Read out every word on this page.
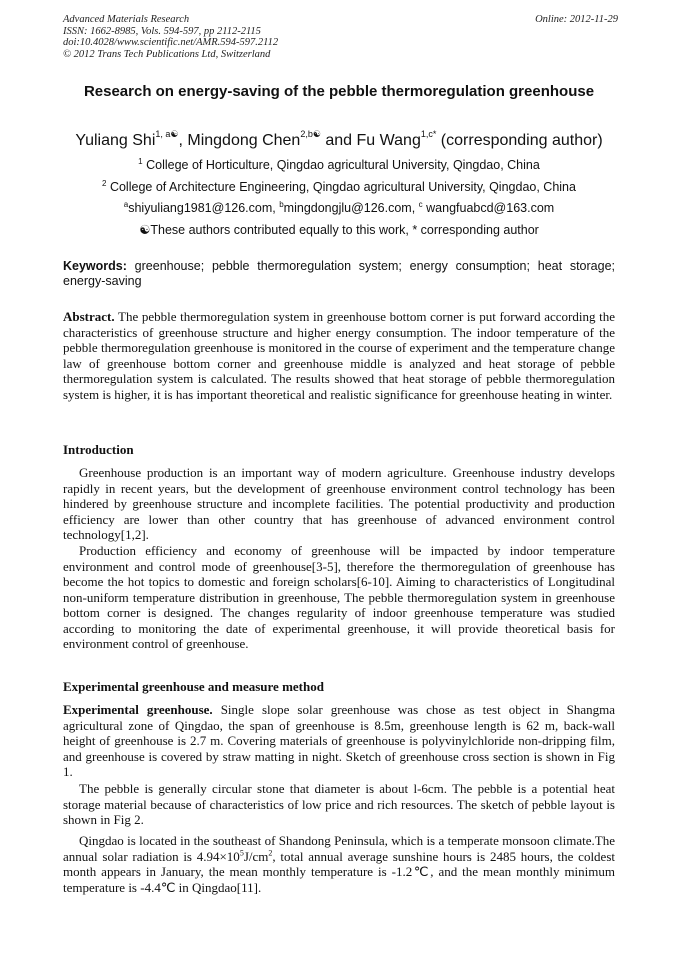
Advanced Materials Research
ISSN: 1662-8985, Vols. 594-597, pp 2112-2115
doi:10.4028/www.scientific.net/AMR.594-597.2112
© 2012 Trans Tech Publications Ltd, Switzerland
Online: 2012-11-29
Research on energy-saving of the pebble thermoregulation greenhouse
Yuliang Shi$^{1, a☯}$, Mingdong Chen$^{2,b☯}$ and Fu Wang$^{1,c*}$ (corresponding author)
$^1$ College of Horticulture, Qingdao agricultural University, Qingdao, China
$^2$ College of Architecture Engineering, Qingdao agricultural University, Qingdao, China
$^a$shiyuliang1981@126.com, $^b$mingdongjlu@126.com, $^c$ wangfuabcd@163.com
☯These authors contributed equally to this work, * corresponding author
Keywords: greenhouse; pebble thermoregulation system; energy consumption; heat storage; energy-saving
Abstract. The pebble thermoregulation system in greenhouse bottom corner is put forward according the characteristics of greenhouse structure and higher energy consumption. The indoor temperature of the pebble thermoregulation greenhouse is monitored in the course of experiment and the temperature change law of greenhouse bottom corner and greenhouse middle is analyzed and heat storage of pebble thermoregulation system is calculated. The results showed that heat storage of pebble thermoregulation system is higher, it is has important theoretical and realistic significance for greenhouse heating in winter.
Introduction
Greenhouse production is an important way of modern agriculture. Greenhouse industry develops rapidly in recent years, but the development of greenhouse environment control technology has been hindered by greenhouse structure and incomplete facilities. The potential productivity and production efficiency are lower than other country that has greenhouse of advanced environment control technology[1,2].
Production efficiency and economy of greenhouse will be impacted by indoor temperature environment and control mode of greenhouse[3-5], therefore the thermoregulation of greenhouse has become the hot topics to domestic and foreign scholars[6-10]. Aiming to characteristics of Longitudinal non-uniform temperature distribution in greenhouse, The pebble thermoregulation system in greenhouse bottom corner is designed. The changes regularity of indoor greenhouse temperature was studied according to monitoring the date of experimental greenhouse, it will provide theoretical basis for environment control of greenhouse.
Experimental greenhouse and measure method
Experimental greenhouse. Single slope solar greenhouse was chose as test object in Shangma agricultural zone of Qingdao, the span of greenhouse is 8.5m, greenhouse length is 62 m, back-wall height of greenhouse is 2.7 m. Covering materials of greenhouse is polyvinylchloride non-dripping film, and greenhouse is covered by straw matting in night. Sketch of greenhouse cross section is shown in Fig 1.
The pebble is generally circular stone that diameter is about l-6cm. The pebble is a potential heat storage material because of characteristics of low price and rich resources. The sketch of pebble layout is shown in Fig 2.
Qingdao is located in the southeast of Shandong Peninsula, which is a temperate monsoon climate.The annual solar radiation is $4.94\times 10^5J/cm^2$, total annual average sunshine hours is 2485 hours, the coldest month appears in January, the mean monthly temperature is -1.2℃, and the mean monthly minimum temperature is -4.4℃ in Qingdao[11].
